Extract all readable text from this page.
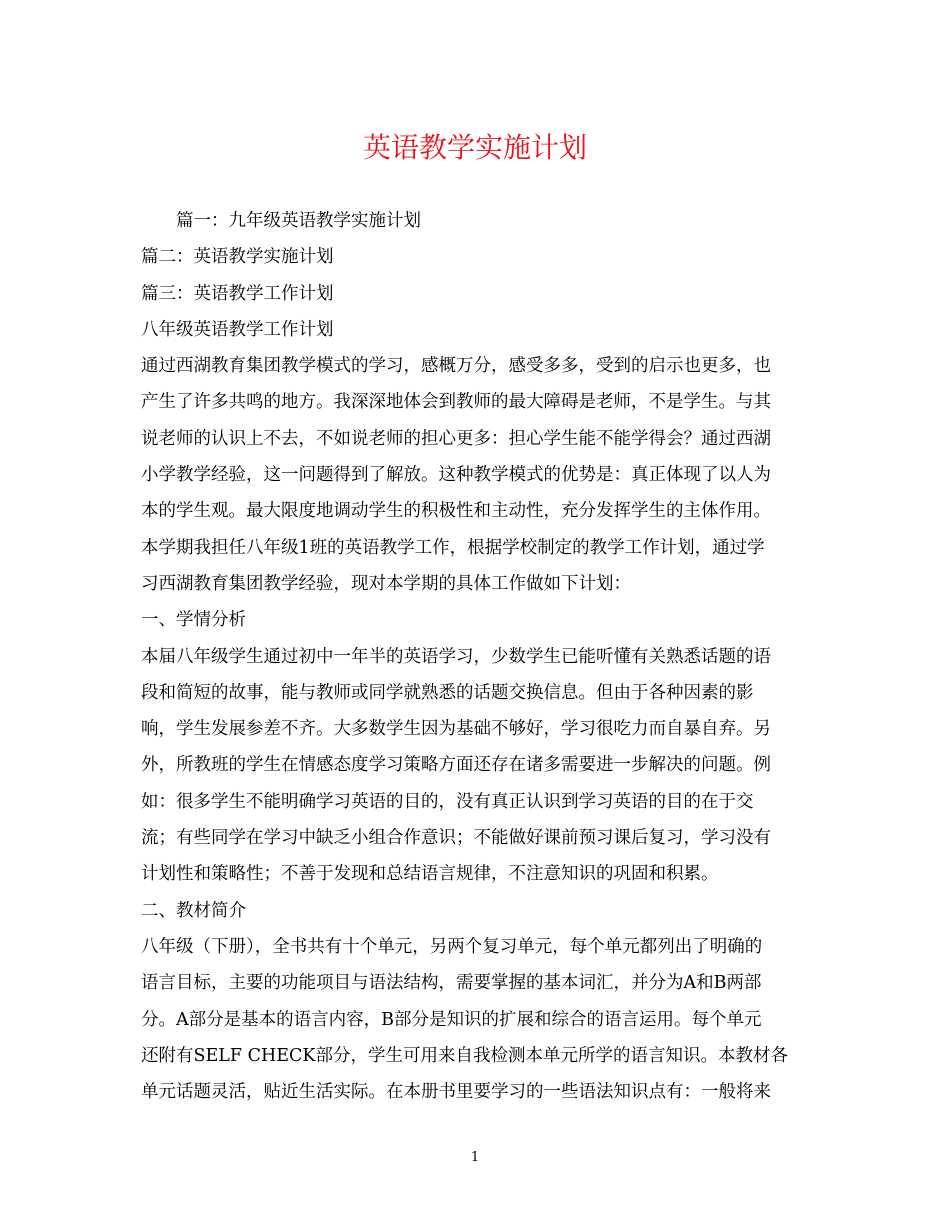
英语教学实施计划

篇一：九年级英语教学实施计划

篇二：英语教学实施计划

篇三：英语教学工作计划

八年级英语教学工作计划

通过西湖教育集团教学模式的学习，感概万分，感受多多，受到的启示也更多，也

产生了许多共鸣的地方。我深深地体会到教师的最大障碍是老师，不是学生。与其

说老师的认识上不去，不如说老师的担心更多：担心学生能不能学得会？通过西湖

小学教学经验，这一问题得到了解放。这种教学模式的优势是：真正体现了以人为

本的学生观。最大限度地调动学生的积极性和主动性，充分发挥学生的主体作用。

本学期我担任八年级1班的英语教学工作，根据学校制定的教学工作计划，通过学

习西湖教育集团教学经验，现对本学期的具体工作做如下计划：

一、学情分析

本届八年级学生通过初中一年半的英语学习，少数学生已能听懂有关熟悉话题的语

段和简短的故事，能与教师或同学就熟悉的话题交换信息。但由于各种因素的影

响，学生发展参差不齐。大多数学生因为基础不够好，学习很吃力而自暴自弃。另

外，所教班的学生在情感态度学习策略方面还存在诸多需要进一步解决的问题。例

如：很多学生不能明确学习英语的目的，没有真正认识到学习英语的目的在于交

流；有些同学在学习中缺乏小组合作意识；不能做好课前预习课后复习，学习没有

计划性和策略性；不善于发现和总结语言规律，不注意知识的巩固和积累。

二、教材简介

八年级（下册），全书共有十个单元，另两个复习单元，每个单元都列出了明确的

语言目标，主要的功能项目与语法结构，需要掌握的基本词汇，并分为A和B两部

分。A部分是基本的语言内容，B部分是知识的扩展和综合的语言运用。每个单元

还附有SELF CHECK部分，学生可用来自我检测本单元所学的语言知识。本教材各

单元话题灵活，贴近生活实际。在本册书里要学习的一些语法知识点有：一般将来

1
